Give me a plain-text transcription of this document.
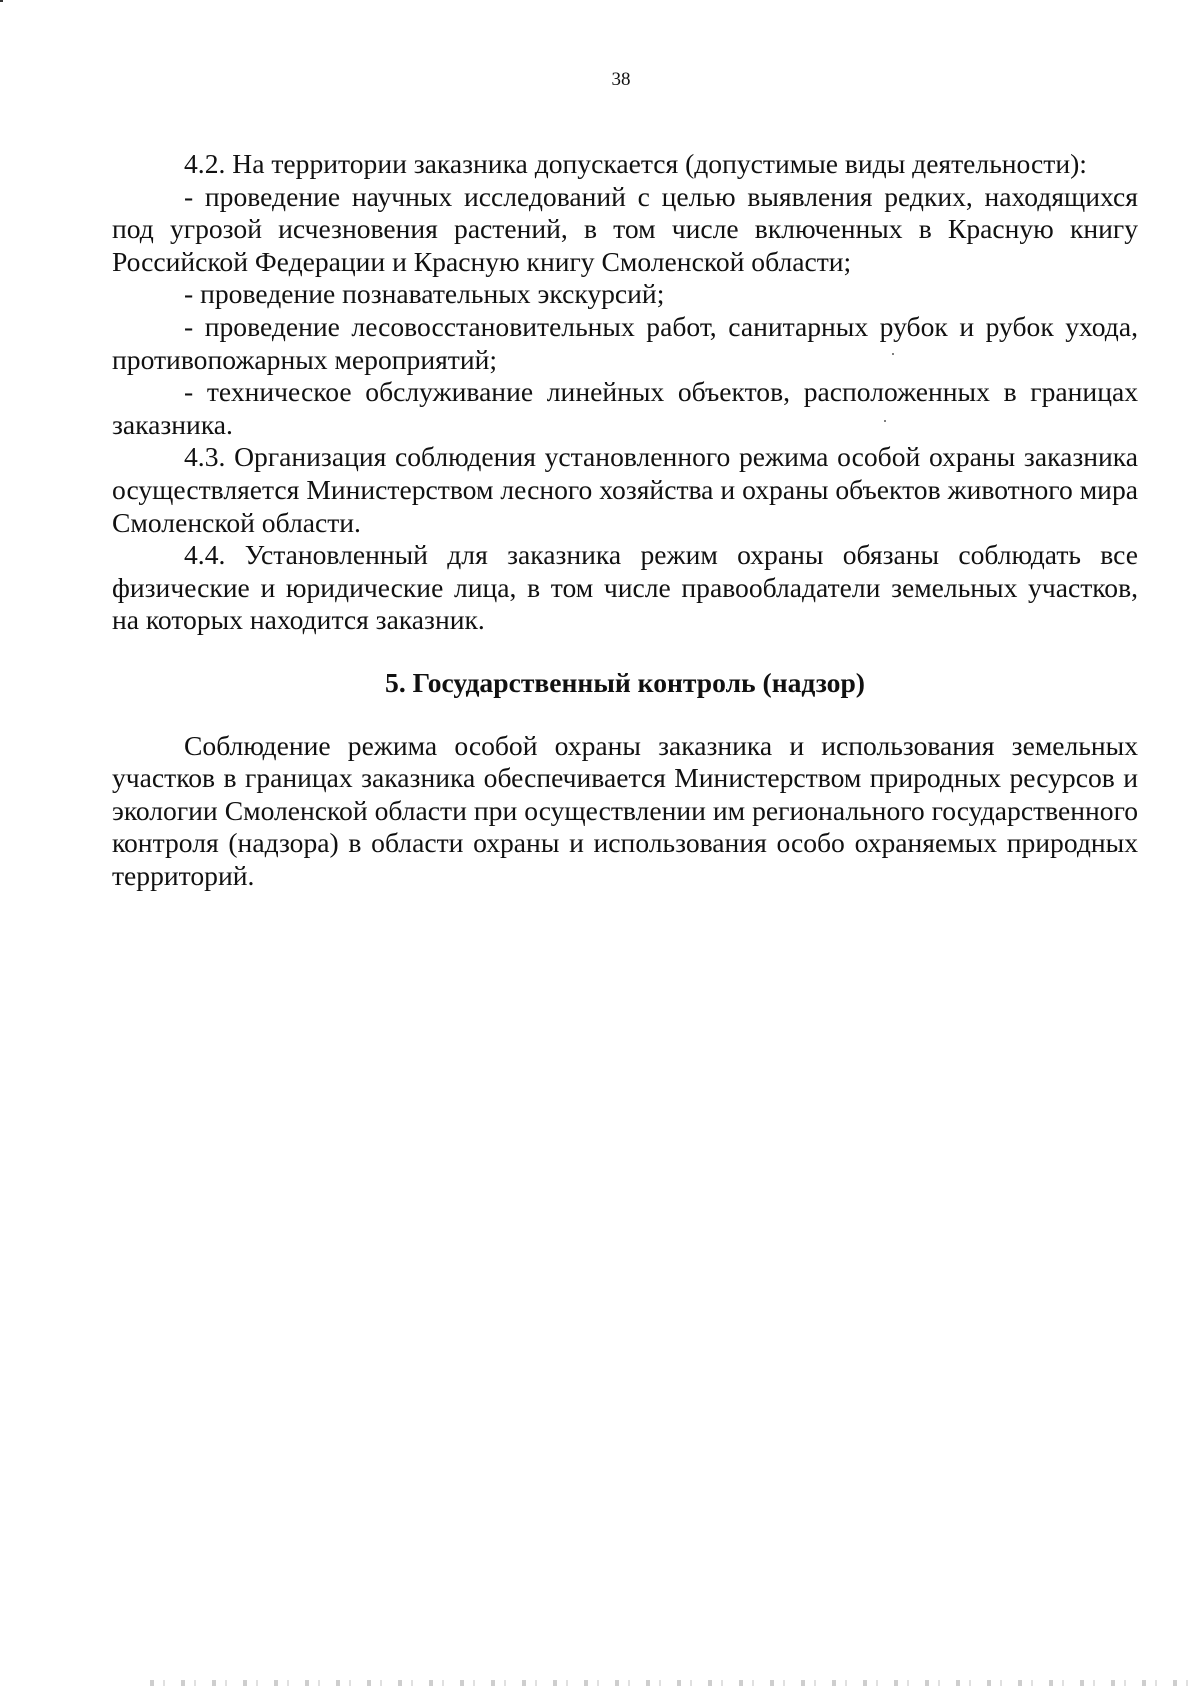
38

4.2. На территории заказника допускается (допустимые виды деятельности):

- проведение научных исследований с целью выявления редких, находящихся под угрозой исчезновения растений, в том числе включенных в Красную книгу Российской Федерации и Красную книгу Смоленской области;

- проведение познавательных экскурсий;

- проведение лесовосстановительных работ, санитарных рубок и рубок ухода, противопожарных мероприятий;

- техническое обслуживание линейных объектов, расположенных в границах заказника.

4.3. Организация соблюдения установленного режима особой охраны заказника осуществляется Министерством лесного хозяйства и охраны объектов животного мира Смоленской области.

4.4. Установленный для заказника режим охраны обязаны соблюдать все физические и юридические лица, в том числе правообладатели земельных участков, на которых находится заказник.

5. Государственный контроль (надзор)

Соблюдение режима особой охраны заказника и использования земельных участков в границах заказника обеспечивается Министерством природных ресурсов и экологии Смоленской области при осуществлении им регионального государственного контроля (надзора) в области охраны и использования особо охраняемых природных территорий.
